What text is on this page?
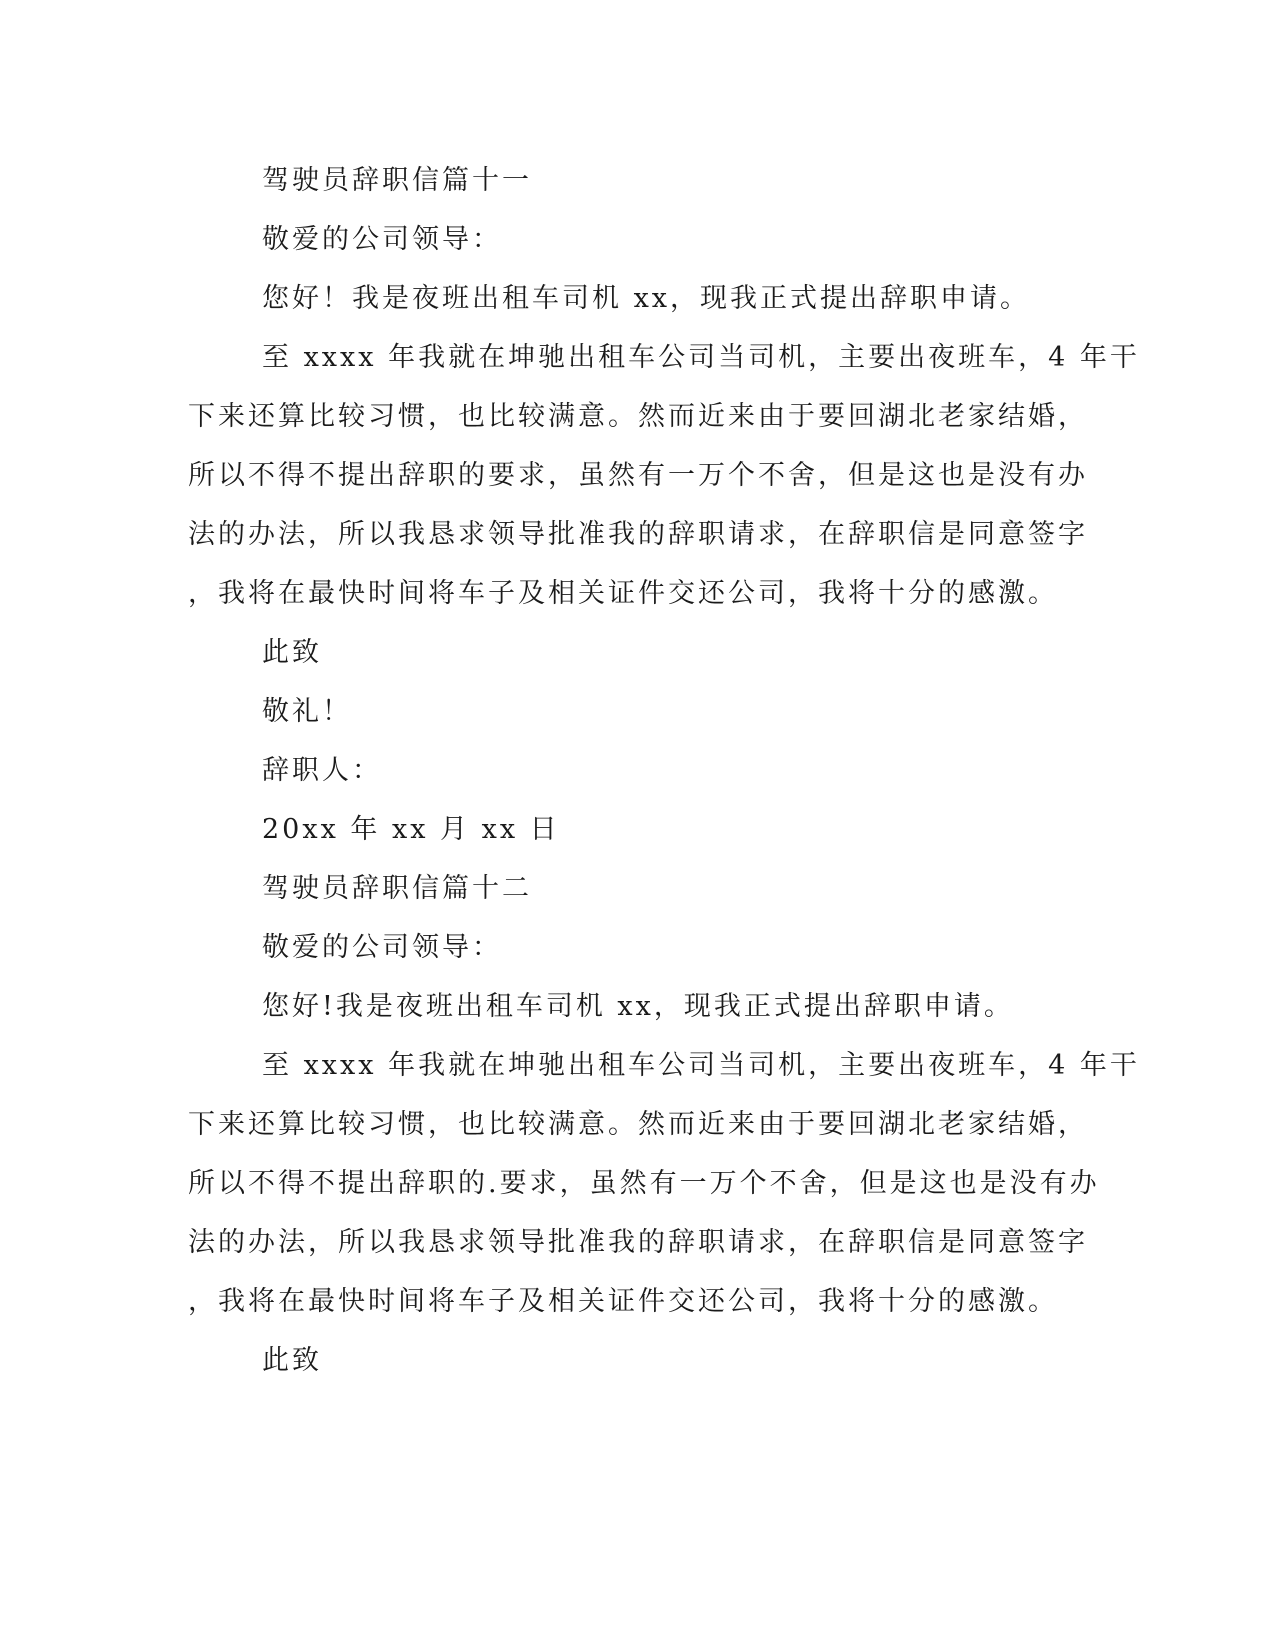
驾驶员辞职信篇十一
敬爱的公司领导：
您好！我是夜班出租车司机 xx，现我正式提出辞职申请。
至 xxxx 年我就在坤驰出租车公司当司机，主要出夜班车，4 年干
下来还算比较习惯，也比较满意。然而近来由于要回湖北老家结婚，
所以不得不提出辞职的要求，虽然有一万个不舍，但是这也是没有办
法的办法，所以我恳求领导批准我的辞职请求，在辞职信是同意签字
，我将在最快时间将车子及相关证件交还公司，我将十分的感激。
此致
敬礼！
辞职人：
20xx 年 xx 月 xx 日
驾驶员辞职信篇十二
敬爱的公司领导：
您好!我是夜班出租车司机 xx，现我正式提出辞职申请。
至 xxxx 年我就在坤驰出租车公司当司机，主要出夜班车，4 年干
下来还算比较习惯，也比较满意。然而近来由于要回湖北老家结婚，
所以不得不提出辞职的.要求，虽然有一万个不舍，但是这也是没有办
法的办法，所以我恳求领导批准我的辞职请求，在辞职信是同意签字
，我将在最快时间将车子及相关证件交还公司，我将十分的感激。
此致
